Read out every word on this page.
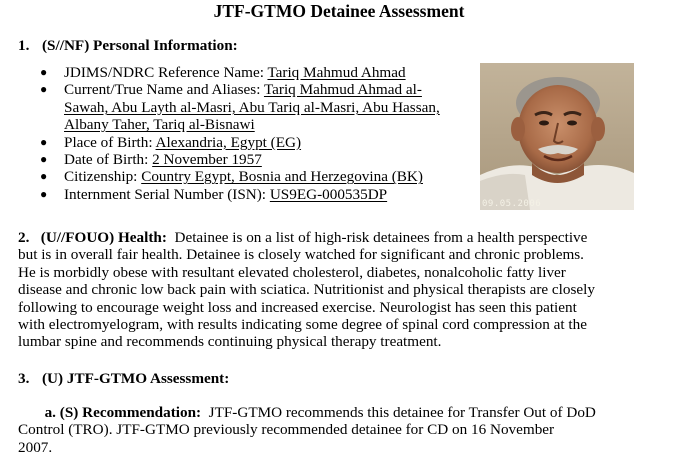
JTF-GTMO Detainee Assessment
1. (S//NF) Personal Information:
● JDIMS/NDRC Reference Name: Tariq Mahmud Ahmad
● Current/True Name and Aliases: Tariq Mahmud Ahmad al-
Sawah, Abu Layth al-Masri, Abu Tariq al-Masri, Abu Hassan,
Albany Taher, Tariq al-Bisnawi
● Place of Birth: Alexandria, Egypt (EG)
● Date of Birth: 2 November 1957
● Citizenship: Country Egypt, Bosnia and Herzegovina (BK)
● Internment Serial Number (ISN): US9EG-000535DP
09.05.2006
2. (U//FOUO) Health: Detainee is on a list of high-risk detainees from a health perspective
but is in overall fair health. Detainee is closely watched for significant and chronic problems.
He is morbidly obese with resultant elevated cholesterol, diabetes, nonalcoholic fatty liver
disease and chronic low back pain with sciatica. Nutritionist and physical therapists are closely
following to encourage weight loss and increased exercise. Neurologist has seen this patient
with electromyelogram, with results indicating some degree of spinal cord compression at the
lumbar spine and recommends continuing physical therapy treatment.
3. (U) JTF-GTMO Assessment:
a. (S) Recommendation: JTF-GTMO recommends this detainee for Transfer Out of DoD
Control (TRO). JTF-GTMO previously recommended detainee for CD on 16 November
2007.
